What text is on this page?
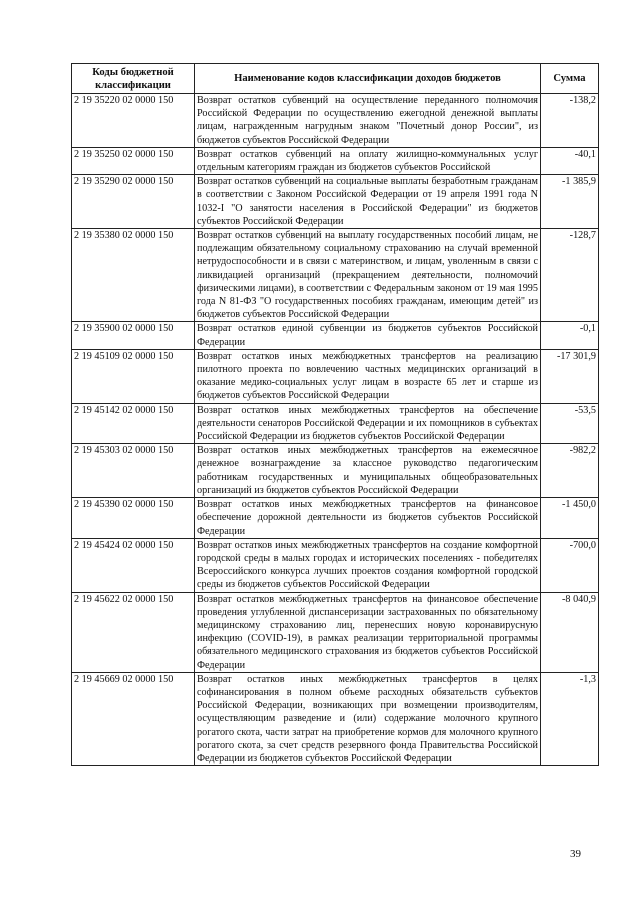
Коды бюджетной классификации	Наименование кодов классификации доходов бюджетов	Сумма
2 19 35220 02 0000 150	Возврат остатков субвенций на осуществление переданного полномочия Российской Федерации по осуществлению ежегодной денежной выплаты лицам, награжденным нагрудным знаком "Почетный донор России", из бюджетов субъектов Российской Федерации	-138,2
2 19 35250 02 0000 150	Возврат остатков субвенций на оплату жилищно-коммунальных услуг отдельным категориям граждан из бюджетов субъектов Российской	-40,1
2 19 35290 02 0000 150	Возврат остатков субвенций на социальные выплаты безработным гражданам в соответствии с Законом Российской Федерации от 19 апреля 1991 года N 1032-I "О занятости населения в Российской Федерации" из бюджетов субъектов Российской Федерации	-1 385,9
2 19 35380 02 0000 150	Возврат остатков субвенций на выплату государственных пособий лицам, не подлежащим обязательному социальному страхованию на случай временной нетрудоспособности и в связи с материнством, и лицам, уволенным в связи с ликвидацией организаций (прекращением деятельности, полномочий физическими лицами), в соответствии с Федеральным законом от 19 мая 1995 года N 81-ФЗ "О государственных пособиях гражданам, имеющим детей" из бюджетов субъектов Российской Федерации	-128,7
2 19 35900 02 0000 150	Возврат остатков единой субвенции из бюджетов субъектов Российской Федерации	-0,1
2 19 45109 02 0000 150	Возврат остатков иных межбюджетных трансфертов на реализацию пилотного проекта по вовлечению частных медицинских организаций в оказание медико-социальных услуг лицам в возрасте 65 лет и старше из бюджетов субъектов Российской Федерации	-17 301,9
2 19 45142 02 0000 150	Возврат остатков иных межбюджетных трансфертов на обеспечение деятельности сенаторов Российской Федерации и их помощников в субъектах Российской Федерации из бюджетов субъектов Российской Федерации	-53,5
2 19 45303 02 0000 150	Возврат остатков иных межбюджетных трансфертов на ежемесячное денежное вознаграждение за классное руководство педагогическим работникам государственных и муниципальных общеобразовательных организаций из бюджетов субъектов Российской Федерации	-982,2
2 19 45390 02 0000 150	Возврат остатков иных межбюджетных трансфертов на финансовое обеспечение дорожной деятельности из бюджетов субъектов Российской Федерации	-1 450,0
2 19 45424 02 0000 150	Возврат остатков иных межбюджетных трансфертов на создание комфортной городской среды в малых городах и исторических поселениях - победителях Всероссийского конкурса лучших проектов создания комфортной городской среды из бюджетов субъектов Российской Федерации	-700,0
2 19 45622 02 0000 150	Возврат остатков межбюджетных трансфертов на финансовое обеспечение проведения углубленной диспансеризации застрахованных по обязательному медицинскому страхованию лиц, перенесших новую коронавирусную инфекцию (COVID-19), в рамках реализации территориальной программы обязательного медицинского страхования из бюджетов субъектов Российской Федерации	-8 040,9
2 19 45669 02 0000 150	Возврат остатков иных межбюджетных трансфертов в целях софинансирования в полном объеме расходных обязательств субъектов Российской Федерации, возникающих при возмещении производителям, осуществляющим разведение и (или) содержание молочного крупного рогатого скота, части затрат на приобретение кормов для молочного крупного рогатого скота, за счет средств резервного фонда Правительства Российской Федерации из бюджетов субъектов Российской Федерации	-1,3
39
